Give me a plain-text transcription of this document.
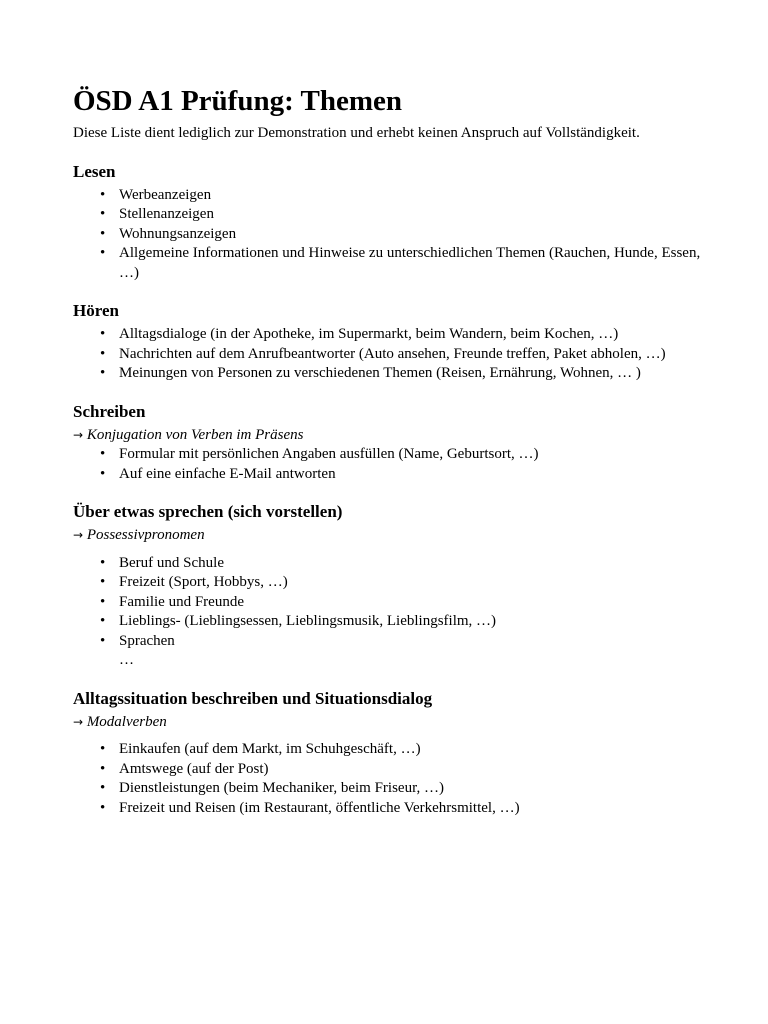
ÖSD A1 Prüfung: Themen

Diese Liste dient lediglich zur Demonstration und erhebt keinen Anspruch auf Vollständigkeit.

Lesen
• Werbeanzeigen
• Stellenanzeigen
• Wohnungsanzeigen
• Allgemeine Informationen und Hinweise zu unterschiedlichen Themen (Rauchen, Hunde, Essen, …)
Hören
• Alltagsdialoge (in der Apotheke, im Supermarkt, beim Wandern, beim Kochen, …)
• Nachrichten auf dem Anrufbeantworter (Auto ansehen, Freunde treffen, Paket abholen, …)
• Meinungen von Personen zu verschiedenen Themen (Reisen, Ernährung, Wohnen, … )
Schreiben

→ Konjugation von Verben im Präsens

• Formular mit persönlichen Angaben ausfüllen (Name, Geburtsort, …)
• Auf eine einfache E-Mail antworten
Über etwas sprechen (sich vorstellen)

→ Possessivpronomen

• Beruf und Schule
• Freizeit (Sport, Hobbys, …)
• Familie und Freunde
• Lieblings- (Lieblingsessen, Lieblingsmusik, Lieblingsfilm, …)
• Sprachen
…
Alltagssituation beschreiben und Situationsdialog

→ Modalverben

• Einkaufen (auf dem Markt, im Schuhgeschäft, …)
• Amtswege (auf der Post)
• Dienstleistungen (beim Mechaniker, beim Friseur, …)
• Freizeit und Reisen (im Restaurant, öffentliche Verkehrsmittel, …)
